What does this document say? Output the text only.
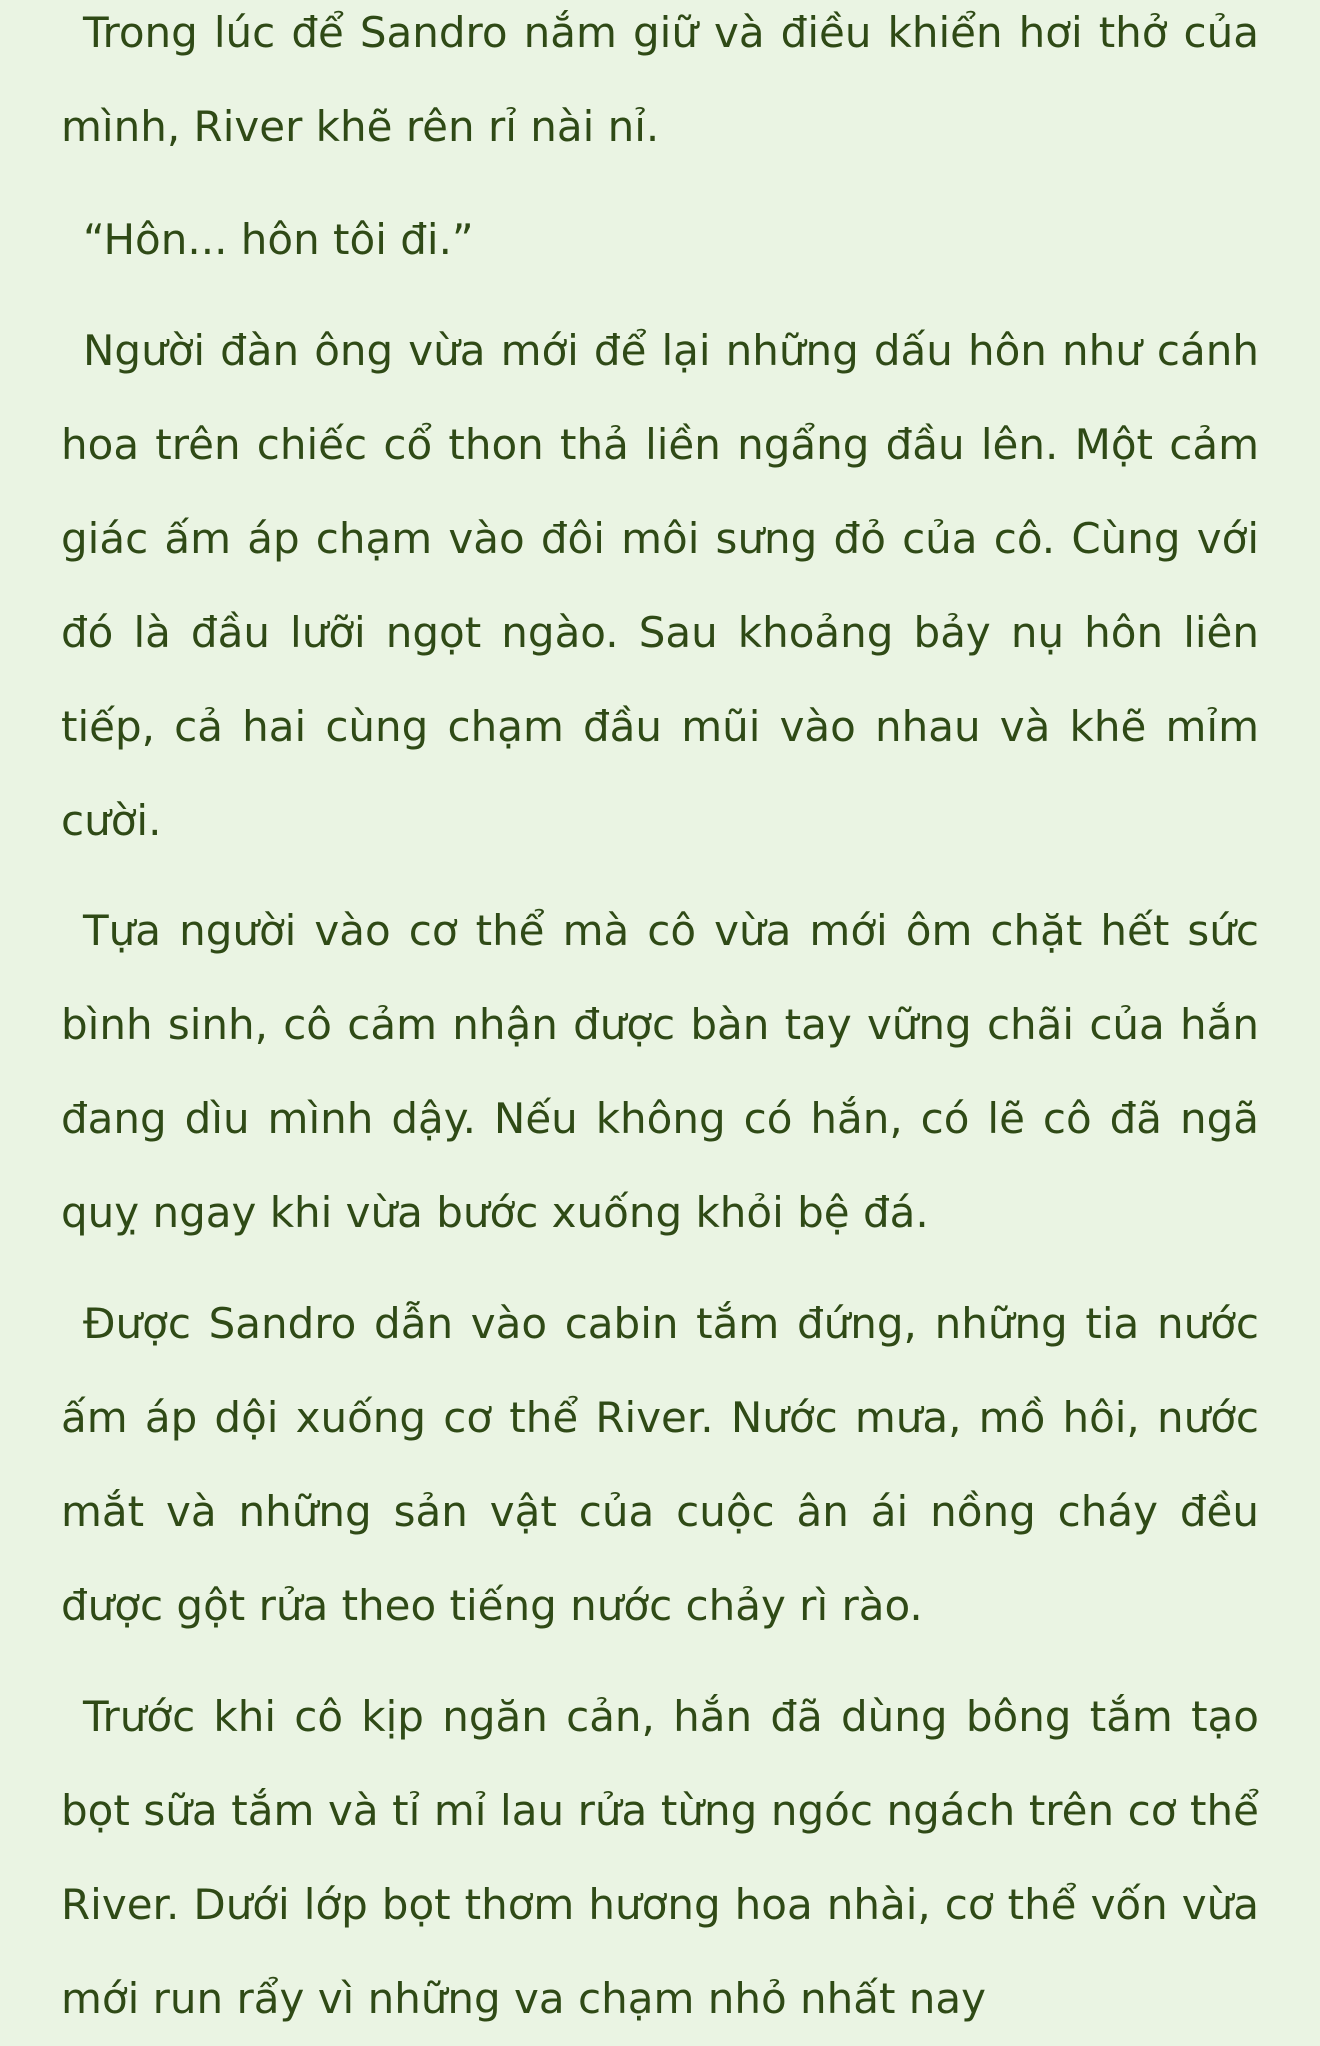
Trong lúc để Sandro nắm giữ và điều khiển hơi thở của mình, River khẽ rên rỉ nài nỉ.

“Hôn... hôn tôi đi.”

Người đàn ông vừa mới để lại những dấu hôn như cánh hoa trên chiếc cổ thon thả liền ngẩng đầu lên. Một cảm giác ấm áp chạm vào đôi môi sưng đỏ của cô. Cùng với đó là đầu lưỡi ngọt ngào. Sau khoảng bảy nụ hôn liên tiếp, cả hai cùng chạm đầu mũi vào nhau và khẽ mỉm cười.

Tựa người vào cơ thể mà cô vừa mới ôm chặt hết sức bình sinh, cô cảm nhận được bàn tay vững chãi của hắn đang dìu mình dậy. Nếu không có hắn, có lẽ cô đã ngã quỵ ngay khi vừa bước xuống khỏi bệ đá.

Được Sandro dẫn vào cabin tắm đứng, những tia nước ấm áp dội xuống cơ thể River. Nước mưa, mồ hôi, nước mắt và những sản vật của cuộc ân ái nồng cháy đều được gột rửa theo tiếng nước chảy rì rào.

Trước khi cô kịp ngăn cản, hắn đã dùng bông tắm tạo bọt sữa tắm và tỉ mỉ lau rửa từng ngóc ngách trên cơ thể River. Dưới lớp bọt thơm hương hoa nhài, cơ thể vốn vừa mới run rẩy vì những va chạm nhỏ nhất nay
